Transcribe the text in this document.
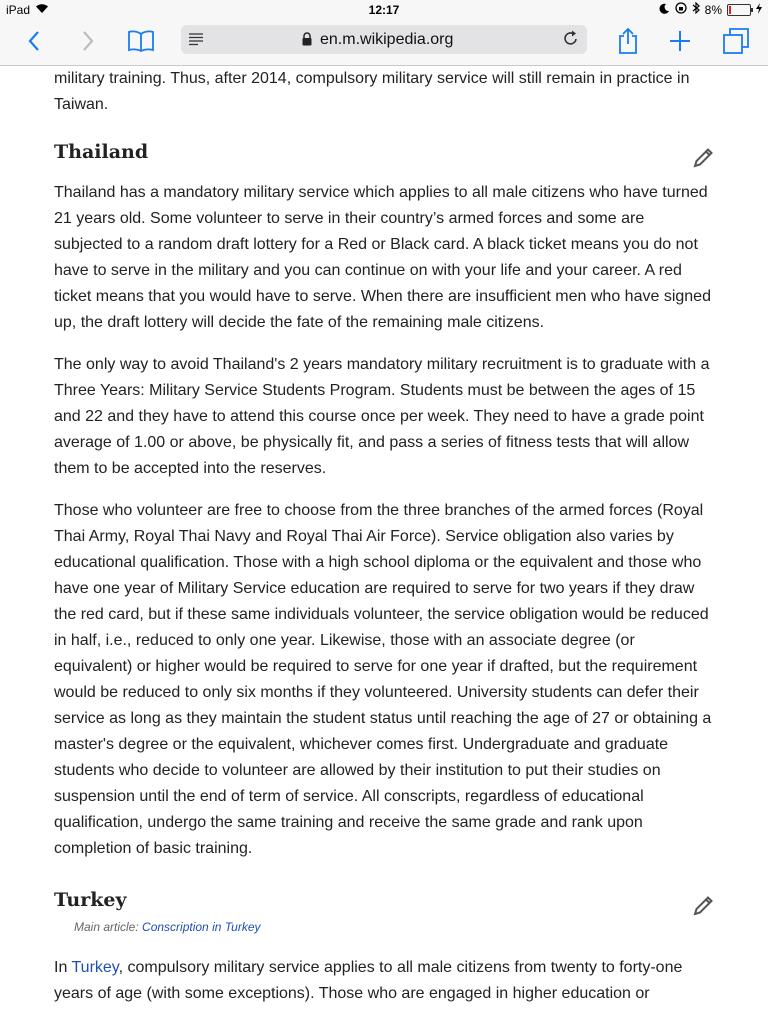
iPad	12:17	8%
en.m.wikipedia.org

military training. Thus, after 2014, compulsory military service will still remain in practice in Taiwan.

Thailand

Thailand has a mandatory military service which applies to all male citizens who have turned 21 years old. Some volunteer to serve in their country’s armed forces and some are subjected to a random draft lottery for a Red or Black card. A black ticket means you do not have to serve in the military and you can continue on with your life and your career. A red ticket means that you would have to serve. When there are insufficient men who have signed up, the draft lottery will decide the fate of the remaining male citizens.

The only way to avoid Thailand's 2 years mandatory military recruitment is to graduate with a Three Years: Military Service Students Program. Students must be between the ages of 15 and 22 and they have to attend this course once per week. They need to have a grade point average of 1.00 or above, be physically fit, and pass a series of fitness tests that will allow them to be accepted into the reserves.

Those who volunteer are free to choose from the three branches of the armed forces (Royal Thai Army, Royal Thai Navy and Royal Thai Air Force). Service obligation also varies by educational qualification. Those with a high school diploma or the equivalent and those who have one year of Military Service education are required to serve for two years if they draw the red card, but if these same individuals volunteer, the service obligation would be reduced in half, i.e., reduced to only one year. Likewise, those with an associate degree (or equivalent) or higher would be required to serve for one year if drafted, but the requirement would be reduced to only six months if they volunteered. University students can defer their service as long as they maintain the student status until reaching the age of 27 or obtaining a master's degree or the equivalent, whichever comes first. Undergraduate and graduate students who decide to volunteer are allowed by their institution to put their studies on suspension until the end of term of service. All conscripts, regardless of educational qualification, undergo the same training and receive the same grade and rank upon completion of basic training.

Turkey
Main article: Conscription in Turkey

In Turkey, compulsory military service applies to all male citizens from twenty to forty-one years of age (with some exceptions). Those who are engaged in higher education or
